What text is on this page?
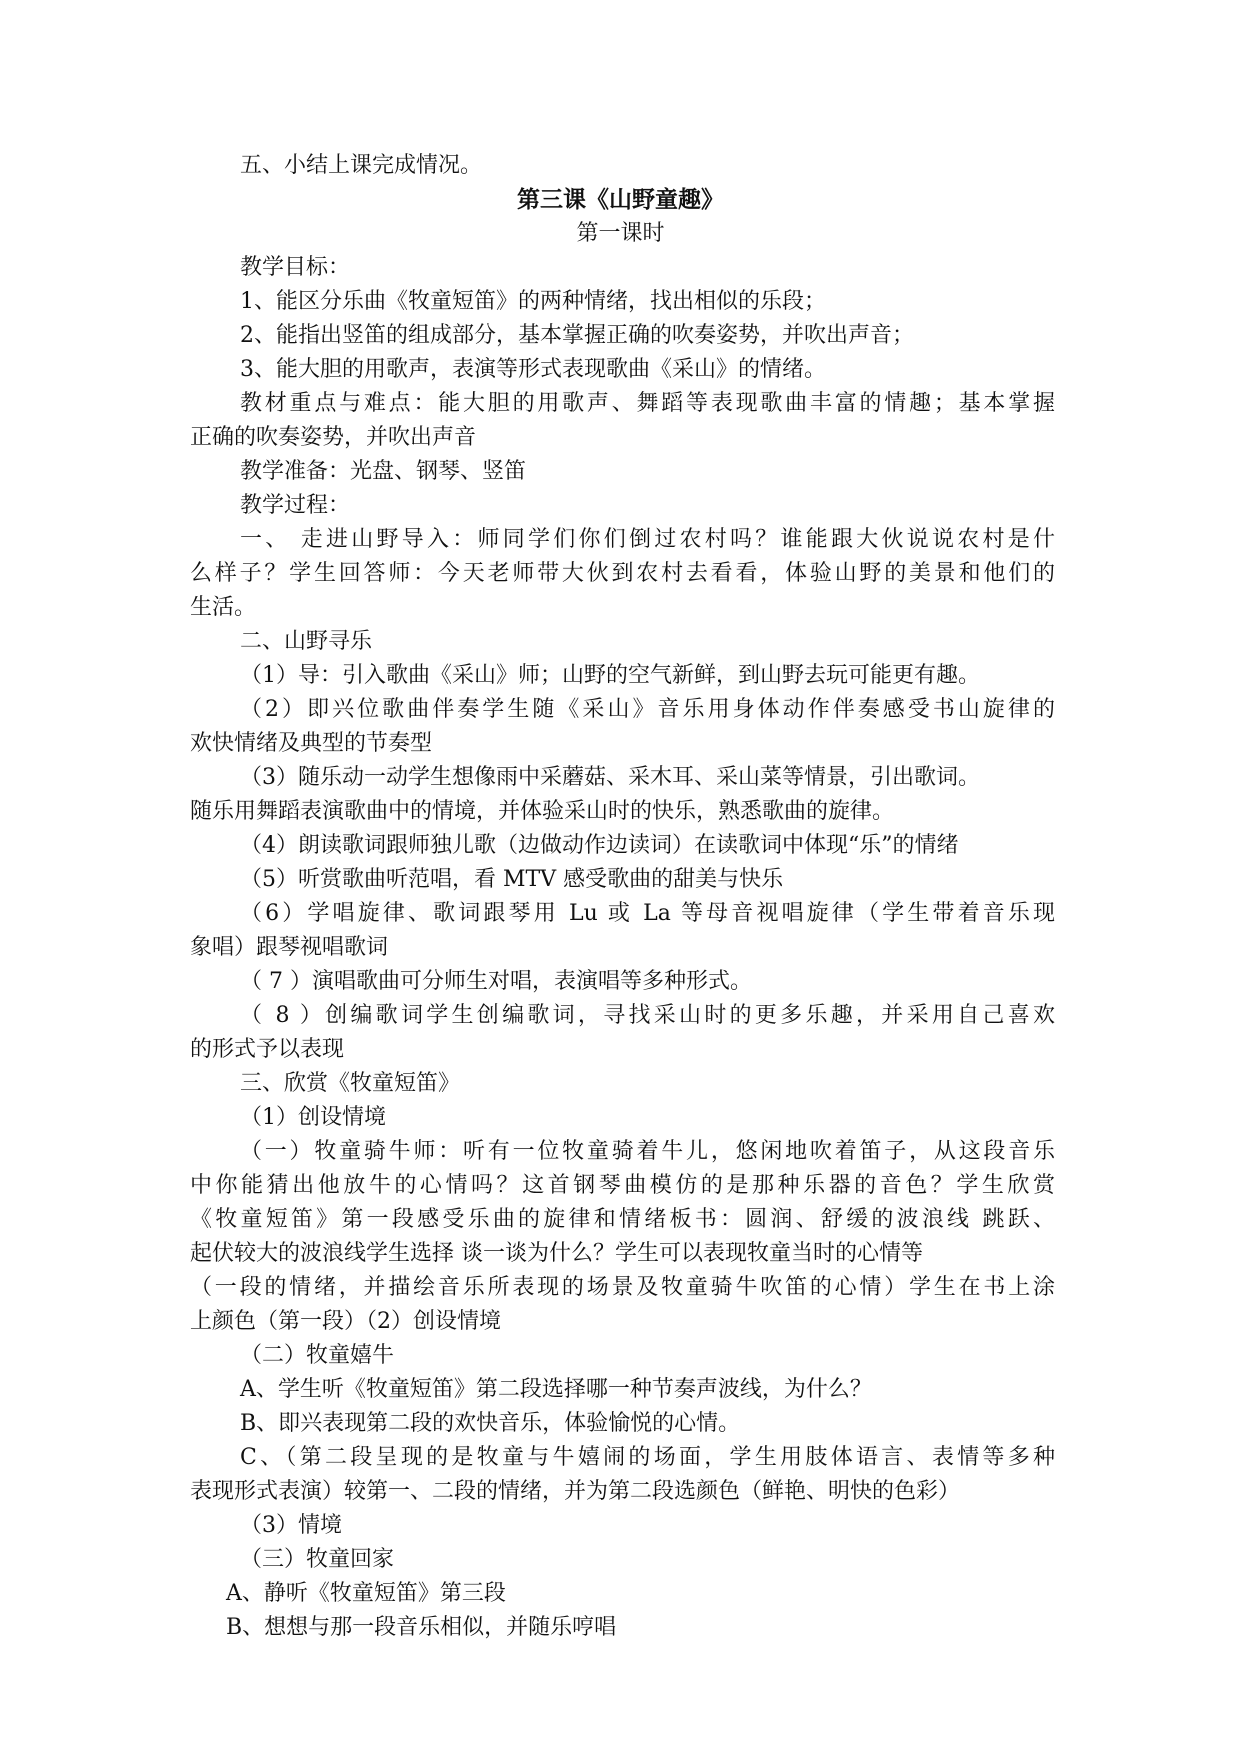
五、小结上课完成情况。
第三课《山野童趣》
第一课时
教学目标：
1、能区分乐曲《牧童短笛》的两种情绪，找出相似的乐段；
2、能指出竖笛的组成部分，基本掌握正确的吹奏姿势，并吹出声音；
3、能大胆的用歌声，表演等形式表现歌曲《采山》的情绪。
教材重点与难点：能大胆的用歌声、舞蹈等表现歌曲丰富的情趣；基本掌握
正确的吹奏姿势，并吹出声音
教学准备：光盘、钢琴、竖笛
教学过程：
一、 走进山野导入：师同学们你们倒过农村吗？谁能跟大伙说说农村是什
么样子？学生回答师：今天老师带大伙到农村去看看，体验山野的美景和他们的
生活。
二、山野寻乐
（1）导：引入歌曲《采山》师；山野的空气新鲜，到山野去玩可能更有趣。
（2）即兴位歌曲伴奏学生随《采山》音乐用身体动作伴奏感受书山旋律的
欢快情绪及典型的节奏型
（3）随乐动一动学生想像雨中采蘑菇、采木耳、采山菜等情景，引出歌词。
随乐用舞蹈表演歌曲中的情境，并体验采山时的快乐，熟悉歌曲的旋律。
（4）朗读歌词跟师独儿歌（边做动作边读词）在读歌词中体现“乐”的情绪
（5）听赏歌曲听范唱，看 MTV 感受歌曲的甜美与快乐
（6）学唱旋律、歌词跟琴用 Lu 或 La 等母音视唱旋律（学生带着音乐现
象唱）跟琴视唱歌词
（ 7 ）演唱歌曲可分师生对唱，表演唱等多种形式。
（ 8 ）创编歌词学生创编歌词，寻找采山时的更多乐趣，并采用自己喜欢
的形式予以表现
三、欣赏《牧童短笛》
（1）创设情境
（一）牧童骑牛师：听有一位牧童骑着牛儿，悠闲地吹着笛子，从这段音乐
中你能猜出他放牛的心情吗？这首钢琴曲模仿的是那种乐器的音色？学生欣赏
《牧童短笛》第一段感受乐曲的旋律和情绪板书：圆润、舒缓的波浪线 跳跃、
起伏较大的波浪线学生选择 谈一谈为什么？学生可以表现牧童当时的心情等
（一段的情绪，并描绘音乐所表现的场景及牧童骑牛吹笛的心情）学生在书上涂
上颜色（第一段）（2）创设情境
（二）牧童嬉牛
A、学生听《牧童短笛》第二段选择哪一种节奏声波线，为什么？
B、即兴表现第二段的欢快音乐，体验愉悦的心情。
C、（第二段呈现的是牧童与牛嬉闹的场面，学生用肢体语言、表情等多种
表现形式表演）较第一、二段的情绪，并为第二段选颜色（鲜艳、明快的色彩）
（3）情境
（三）牧童回家
A、静听《牧童短笛》第三段
B、想想与那一段音乐相似，并随乐哼唱
